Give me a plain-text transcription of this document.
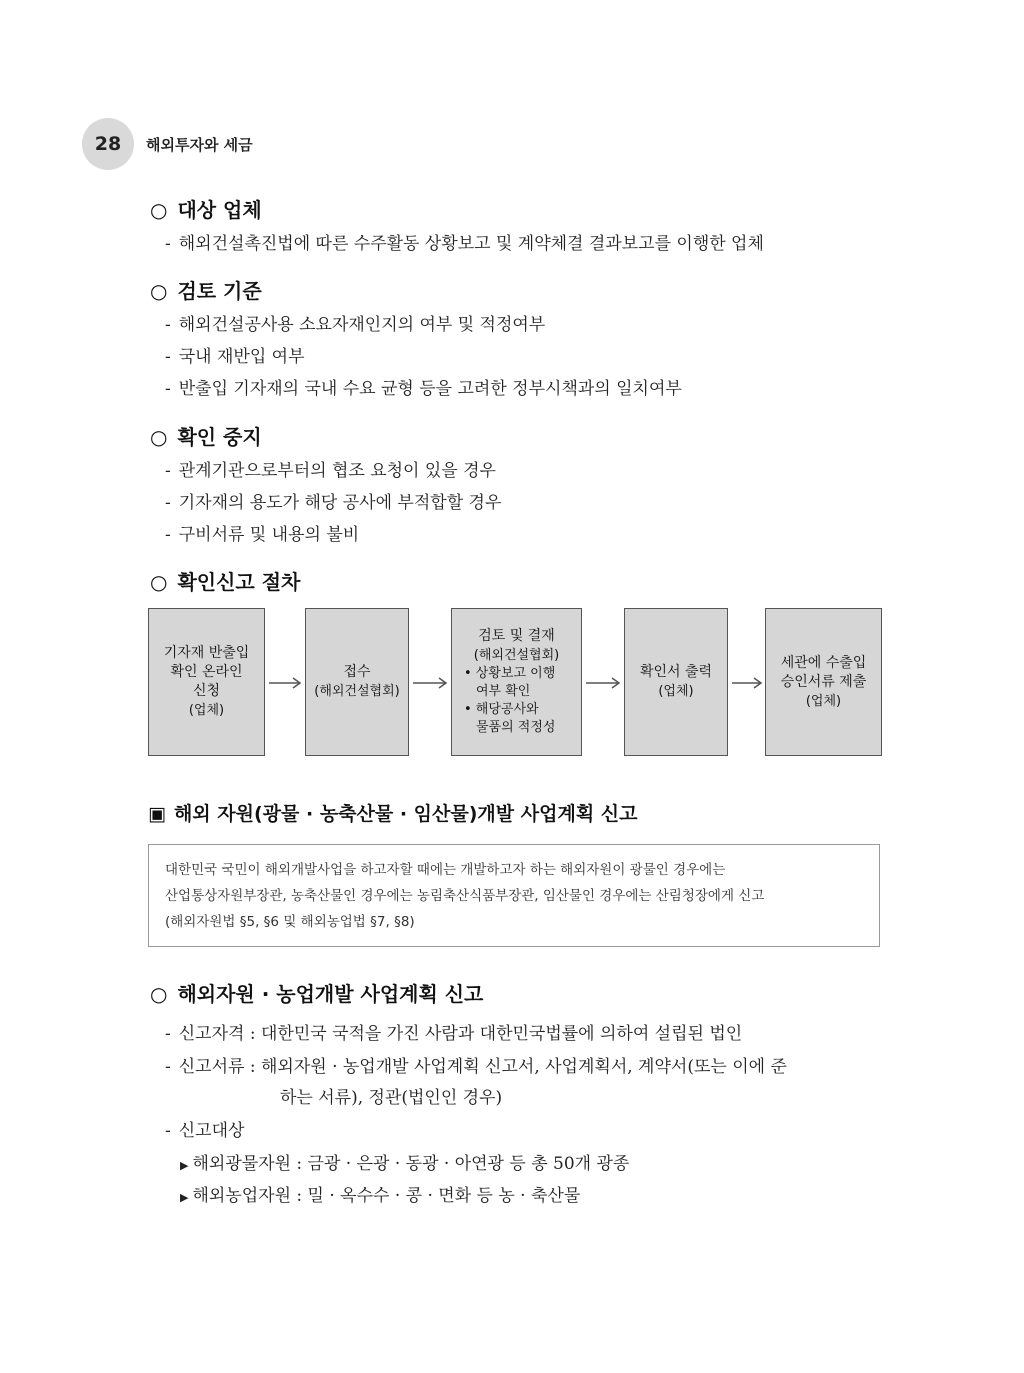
28	해외투자와 세금
○ 대상 업체
- 해외건설촉진법에 따른 수주활동 상황보고 및 계약체결 결과보고를 이행한 업체
○ 검토 기준
- 해외건설공사용 소요자재인지의 여부 및 적정여부
- 국내 재반입 여부
- 반출입 기자재의 국내 수요 균형 등을 고려한 정부시책과의 일치여부
○ 확인 중지
- 관계기관으로부터의 협조 요청이 있을 경우
- 기자재의 용도가 해당 공사에 부적합할 경우
- 구비서류 및 내용의 불비
○ 확인신고 절차
기자재 반출입
확인 온라인
신청
(업체)
접수
(해외건설협회)
검토 및 결재
(해외건설협회)
• 상황보고 이행
여부 확인
• 해당공사와
물품의 적정성
확인서 출력
(업체)
세관에 수출입
승인서류 제출
(업체)
▣ 해외 자원(광물 · 농축산물 · 임산물)개발 사업계획 신고
대한민국 국민이 해외개발사업을 하고자할 때에는 개발하고자 하는 해외자원이 광물인 경우에는
산업통상자원부장관, 농축산물인 경우에는 농림축산식품부장관, 임산물인 경우에는 산림청장에게 신고
(해외자원법 §5, §6 및 해외농업법 §7, §8)
○ 해외자원 · 농업개발 사업계획 신고
- 신고자격 : 대한민국 국적을 가진 사람과 대한민국법률에 의하여 설립된 법인
- 신고서류 : 해외자원 · 농업개발 사업계획 신고서, 사업계획서, 계약서(또는 이에 준
하는 서류), 정관(법인인 경우)
- 신고대상
▶ 해외광물자원 : 금광 · 은광 · 동광 · 아연광 등 총 50개 광종
▶ 해외농업자원 : 밀 · 옥수수 · 콩 · 면화 등 농 · 축산물
